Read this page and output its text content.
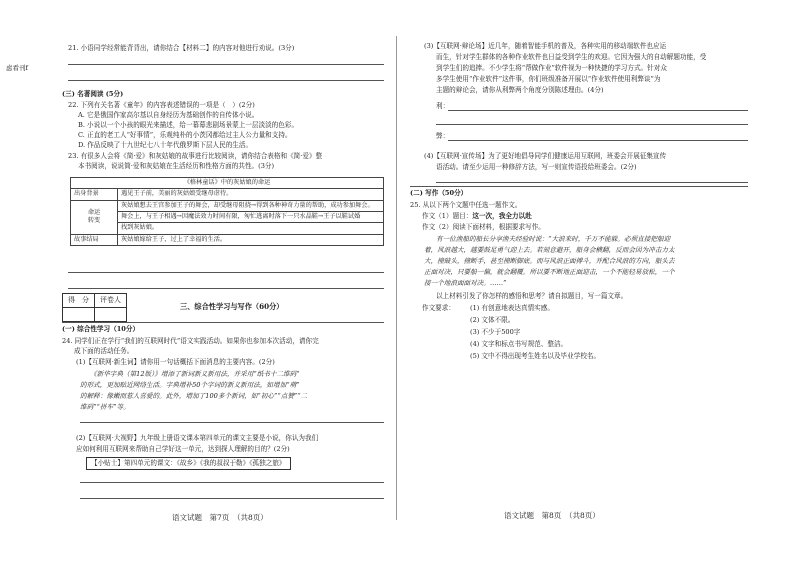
虑看刊f
21. 小语同学经常能背背出，请你结合【材料二】的内容对他进行劝说。(3分)
(三) 名著阅读 (5分)
22. 下列有关名著《童年》的内容表述错误的一项是（　）(2分)
A. 它是俄国作家高尔基以自身经历为基础创作的自传体小说。
B. 小说以一个小孩的眼光来描述，给一幕幕悲剧场景蒙上一层淡淡的色彩。
C. 正直的老工人“好事情”，乐观纯朴的小茨冈都给过主人公力量和支持。
D. 作品反映了十九世纪七八十年代俄罗斯下层人民的生活。
23. 有很多人会将《简·爱》和灰姑娘的故事进行比较阅读，请你结合表格和《简·爱》整
本书阅读，说说简·爱和灰姑娘在生活经历和性格方面的共性。(3分)
《格林童话》中的灰姑娘的命运	
出身背景	遇见王子前，美丽的灰姑娘受继母虐待。
命运
转变	灰姑娘想去王宫参加王子的舞会，却受继母阻挠→得到各种神奇力量的帮助，成功参加舞会。
	舞会上，与王子相遇→因魔法效力时间有限，匆忙逃离时落下一只水晶鞋→王子以鞋试婚
	找到灰姑娘。
故事结局	灰姑娘嫁给王子，过上了幸福的生活。
得　分	评卷人

三、综合性学习与写作（60分）
(一) 综合性学习（10分）
24. 同学们正在学行“我们的互联网时代”语文实践活动。如果你也参加本次活动，请你完
成下面的活动任务。
(1)【互联网·新生词】请你用一句话概括下面消息的主要内容。(2分)
《新华字典（第12版）》增添了新词新义新用法，并采用“纸书十二维码”
的形式，更加贴近网络生活。字典增补50个字词的新义新用法，如增加“萌”
的解释：像嫩而惹人喜爱的。此外，增加了100多个新词，如“初心”“点赞”“二
维码”“拼车”等。
(2)【互联网·大视野】九年级上册语文课本第四单元的课文主要是小说，你认为我们
应如何利用互联网来帮助自己学好这一单元，达到探人理解的目的？(2分)
【小贴士】第四单元的课文：《故乡》《我的叔叔于勒》《孤独之旅》
语文试题　第7页　（共8页）
(3)【互联网·辩论场】近几年，随着智能手机的普及，各种实用的移动端软件也应运
而生，针对学生群体的各种作业软件也日益受到学生的欢迎。它因为强大的自动解题功能，受
到学生们的追捧。不少学生将“帮做作业”软件视为一种快捷的学习方式。针对众
多学生使用“作业软件”这件事，你们班级准备开展以“作业软件使用利弊谈”为
主题的辩论会，请你从利弊两个角度分别陈述理由。(4分)
利：
弊：
(4)【互联网·宣传场】为了更好地倡导同学们健康运用互联网，班委会开展征集宣传
语活动。请至少运用一种修辞方法，写一则宣传语投给班委会。(2分)
(二) 写作（50分）
25. 从以下两个文题中任选一题作文。
作文（1）题目：这一次，我全力以赴
作文（2）阅读下面材料，根据要求写作。
有一位渔船的船长分享渔夫经验时说：“大浪来时，千万不能躲。必须直接把船迎
着，风浪越大，越要鼓足勇气迎上去。若刻意避开，船身会横翻，反而会因为冲击力太
大，撞破头，撞断手，甚至撞断脚底。而与风浪正面搏斗，并配合风浪的方向，船头去
正面对决，只要船一偏，就会翻覆。所以要不断地正面迎击，一个不能轻易放松，一个
接一个地浪面面对决。……”
以上材料引发了你怎样的感悟和思考？请自拟题目，写一篇文章。
作文要求： (1) 有创意地表达真情实感。
(2) 文体不限。
(3) 不少于500字
(4) 文字和标点书写规范、整洁。
(5) 文中不得出现考生姓名以及毕业学校名。
语文试题　第8页　（共8页）
